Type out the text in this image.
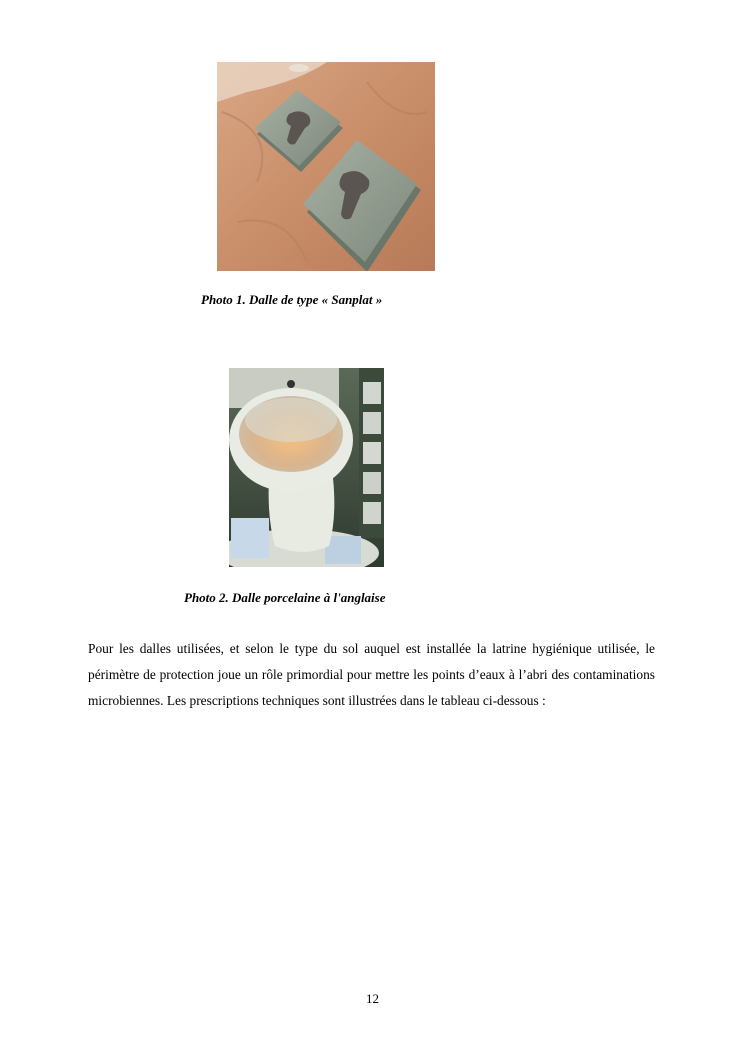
Photo 1. Dalle de type « Sanplat »
Photo 2. Dalle porcelaine à l'anglaise

Pour les dalles utilisées, et selon le type du sol auquel est installée la latrine hygiénique utilisée, le périmètre de protection joue un rôle primordial pour mettre les points d’eaux à l’abri des contaminations microbiennes. Les prescriptions techniques sont illustrées dans le tableau ci-dessous :

12
